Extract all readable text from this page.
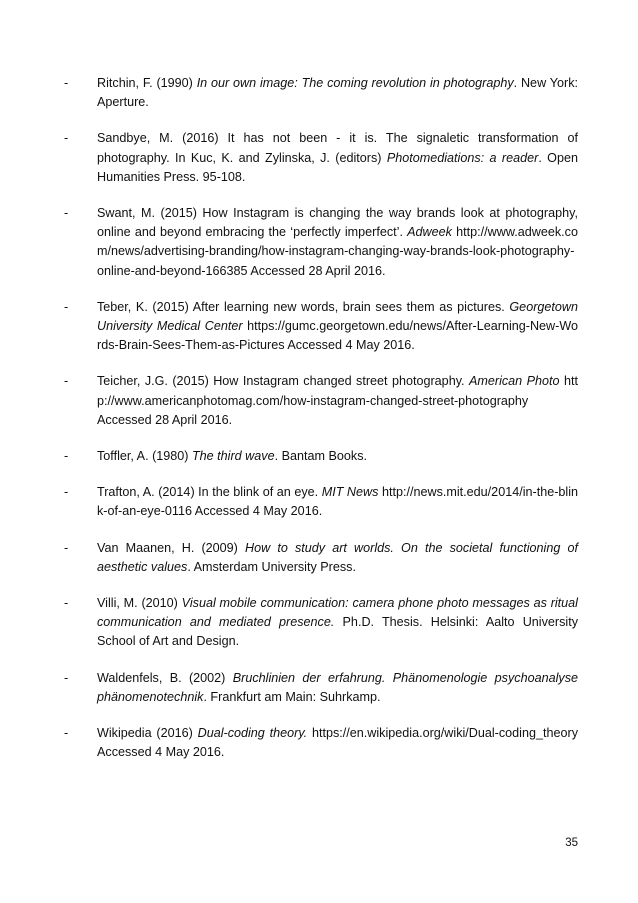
- Ritchin, F. (1990) In our own image: The coming revolution in photography. New York: Aperture.
- Sandbye, M. (2016) It has not been - it is. The signaletic transformation of photography. In Kuc, K. and Zylinska, J. (editors) Photomediations: a reader. Open Humanities Press. 95-108.
- Swant, M. (2015) How Instagram is changing the way brands look at photography, online and beyond embracing the ‘perfectly imperfect’. Adweek http://www.adweek.com/news/advertising-branding/how-instagram-changing-way-brands-look-photography-online-and-beyond-166385 Accessed 28 April 2016.
- Teber, K. (2015) After learning new words, brain sees them as pictures. Georgetown University Medical Center https://gumc.georgetown.edu/news/After-Learning-New-Words-Brain-Sees-Them-as-Pictures Accessed 4 May 2016.
- Teicher, J.G. (2015) How Instagram changed street photography. American Photo http://www.americanphotomag.com/how-instagram-changed-street-photography Accessed 28 April 2016.
- Toffler, A. (1980) The third wave. Bantam Books.
- Trafton, A. (2014) In the blink of an eye. MIT News http://news.mit.edu/2014/in-the-blink-of-an-eye-0116 Accessed 4 May 2016.
- Van Maanen, H. (2009) How to study art worlds. On the societal functioning of aesthetic values. Amsterdam University Press.
- Villi, M. (2010) Visual mobile communication: camera phone photo messages as ritual communication and mediated presence. Ph.D. Thesis. Helsinki: Aalto University School of Art and Design.
- Waldenfels, B. (2002) Bruchlinien der erfahrung. Phänomenologie psychoanalyse phänomenotechnik. Frankfurt am Main: Suhrkamp.
- Wikipedia (2016) Dual-coding theory. https://en.wikipedia.org/wiki/Dual-coding_theory Accessed 4 May 2016.
35
